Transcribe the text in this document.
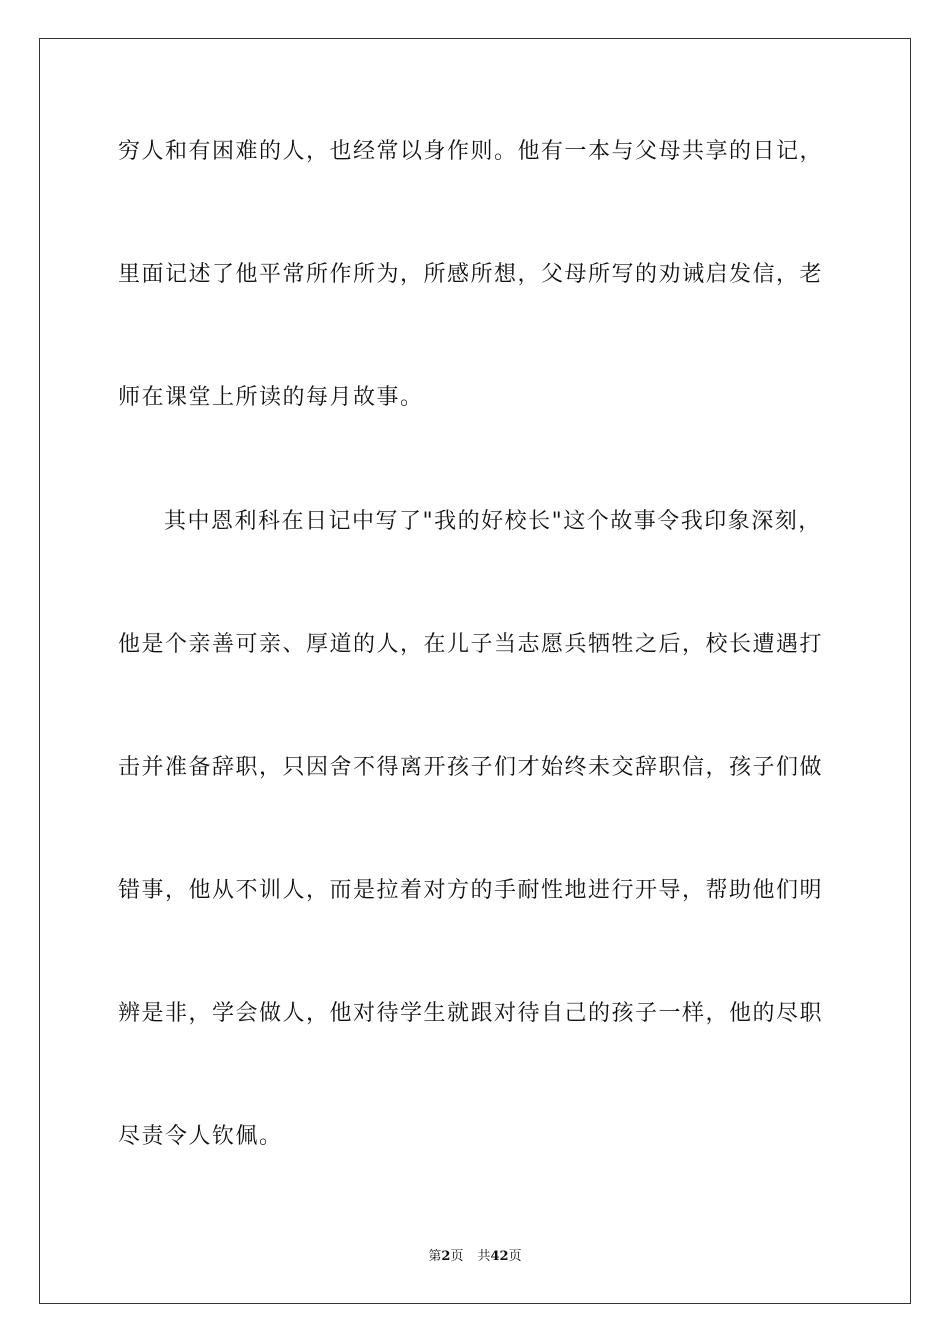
穷人和有困难的人，也经常以身作则。他有一本与父母共享的日记，
里面记述了他平常所作所为，所感所想，父母所写的劝诫启发信，老
师在课堂上所读的每月故事。
其中恩利科在日记中写了"我的好校长"这个故事令我印象深刻，
他是个亲善可亲、厚道的人，在儿子当志愿兵牺牲之后，校长遭遇打
击并准备辞职，只因舍不得离开孩子们才始终未交辞职信，孩子们做
错事，他从不训人，而是拉着对方的手耐性地进行开导，帮助他们明
辨是非，学会做人，他对待学生就跟对待自己的孩子一样，他的尽职
尽责令人钦佩。
第2页 共42页
